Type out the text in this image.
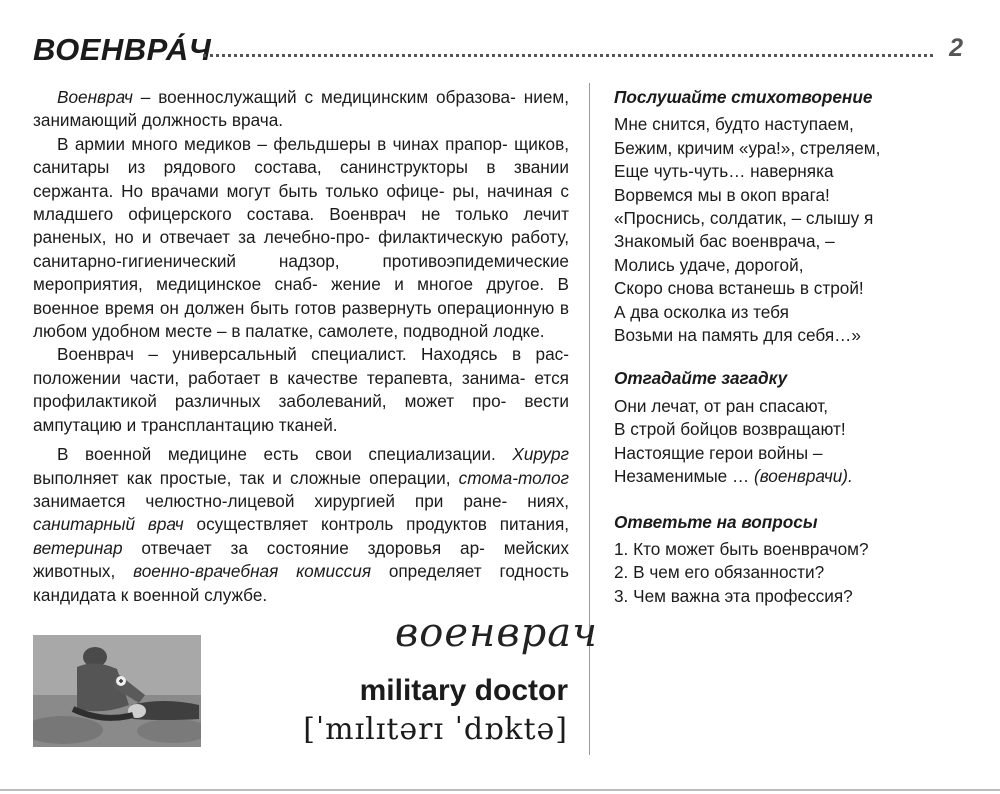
ВОЕНВРА́Ч	2

Военврач – военнослужащий с медицинским образова- нием, занимающий должность врача.

В армии много медиков – фельдшеры в чинах прапор- щиков, санитары из рядового состава, санинструкторы в звании сержанта. Но врачами могут быть только офице- ры, начиная с младшего офицерского состава. Военврач не только лечит раненых, но и отвечает за лечебно-про- филактическую работу, санитарно-гигиенический надзор, противоэпидемические мероприятия, медицинское снаб- жение и многое другое. В военное время он должен быть готов развернуть операционную в любом удобном месте – в палатке, самолете, подводной лодке.

Военврач – универсальный специалист. Находясь в рас- положении части, работает в качестве терапевта, занима- ется профилактикой различных заболеваний, может про- вести ампутацию и трансплантацию тканей.

В военной медицине есть свои специализации. Хирург выполняет как простые, так и сложные операции, стома-толог занимается челюстно-лицевой хирургией при ране- ниях, санитарный врач осуществляет контроль продуктов питания, ветеринар отвечает за состояние здоровья ар- мейских животных, военно-врачебная комиссия определяет годность кандидата к военной службе.

Послушайте стихотворение
Мне снится, будто наступаем,
Бежим, кричим «ура!», стреляем,
Еще чуть-чуть… наверняка
Ворвемся мы в окоп врага!
«Проснись, солдатик, – слышу я
Знакомый бас военврача, –
Молись удаче, дорогой,
Скоро снова встанешь в строй!
А два осколка из тебя
Возьми на память для себя…»
Отгадайте загадку
Они лечат, от ран спасают,
В строй бойцов возвращают!
Настоящие герои войны –
Незаменимые … (военврачи).
Ответьте на вопросы
1. Кто может быть военврачом?
2. В чем его обязанности?
3. Чем важна эта профессия?
военврач
military doctor
[ˈmɪlɪtərɪ ˈdɒktə]
